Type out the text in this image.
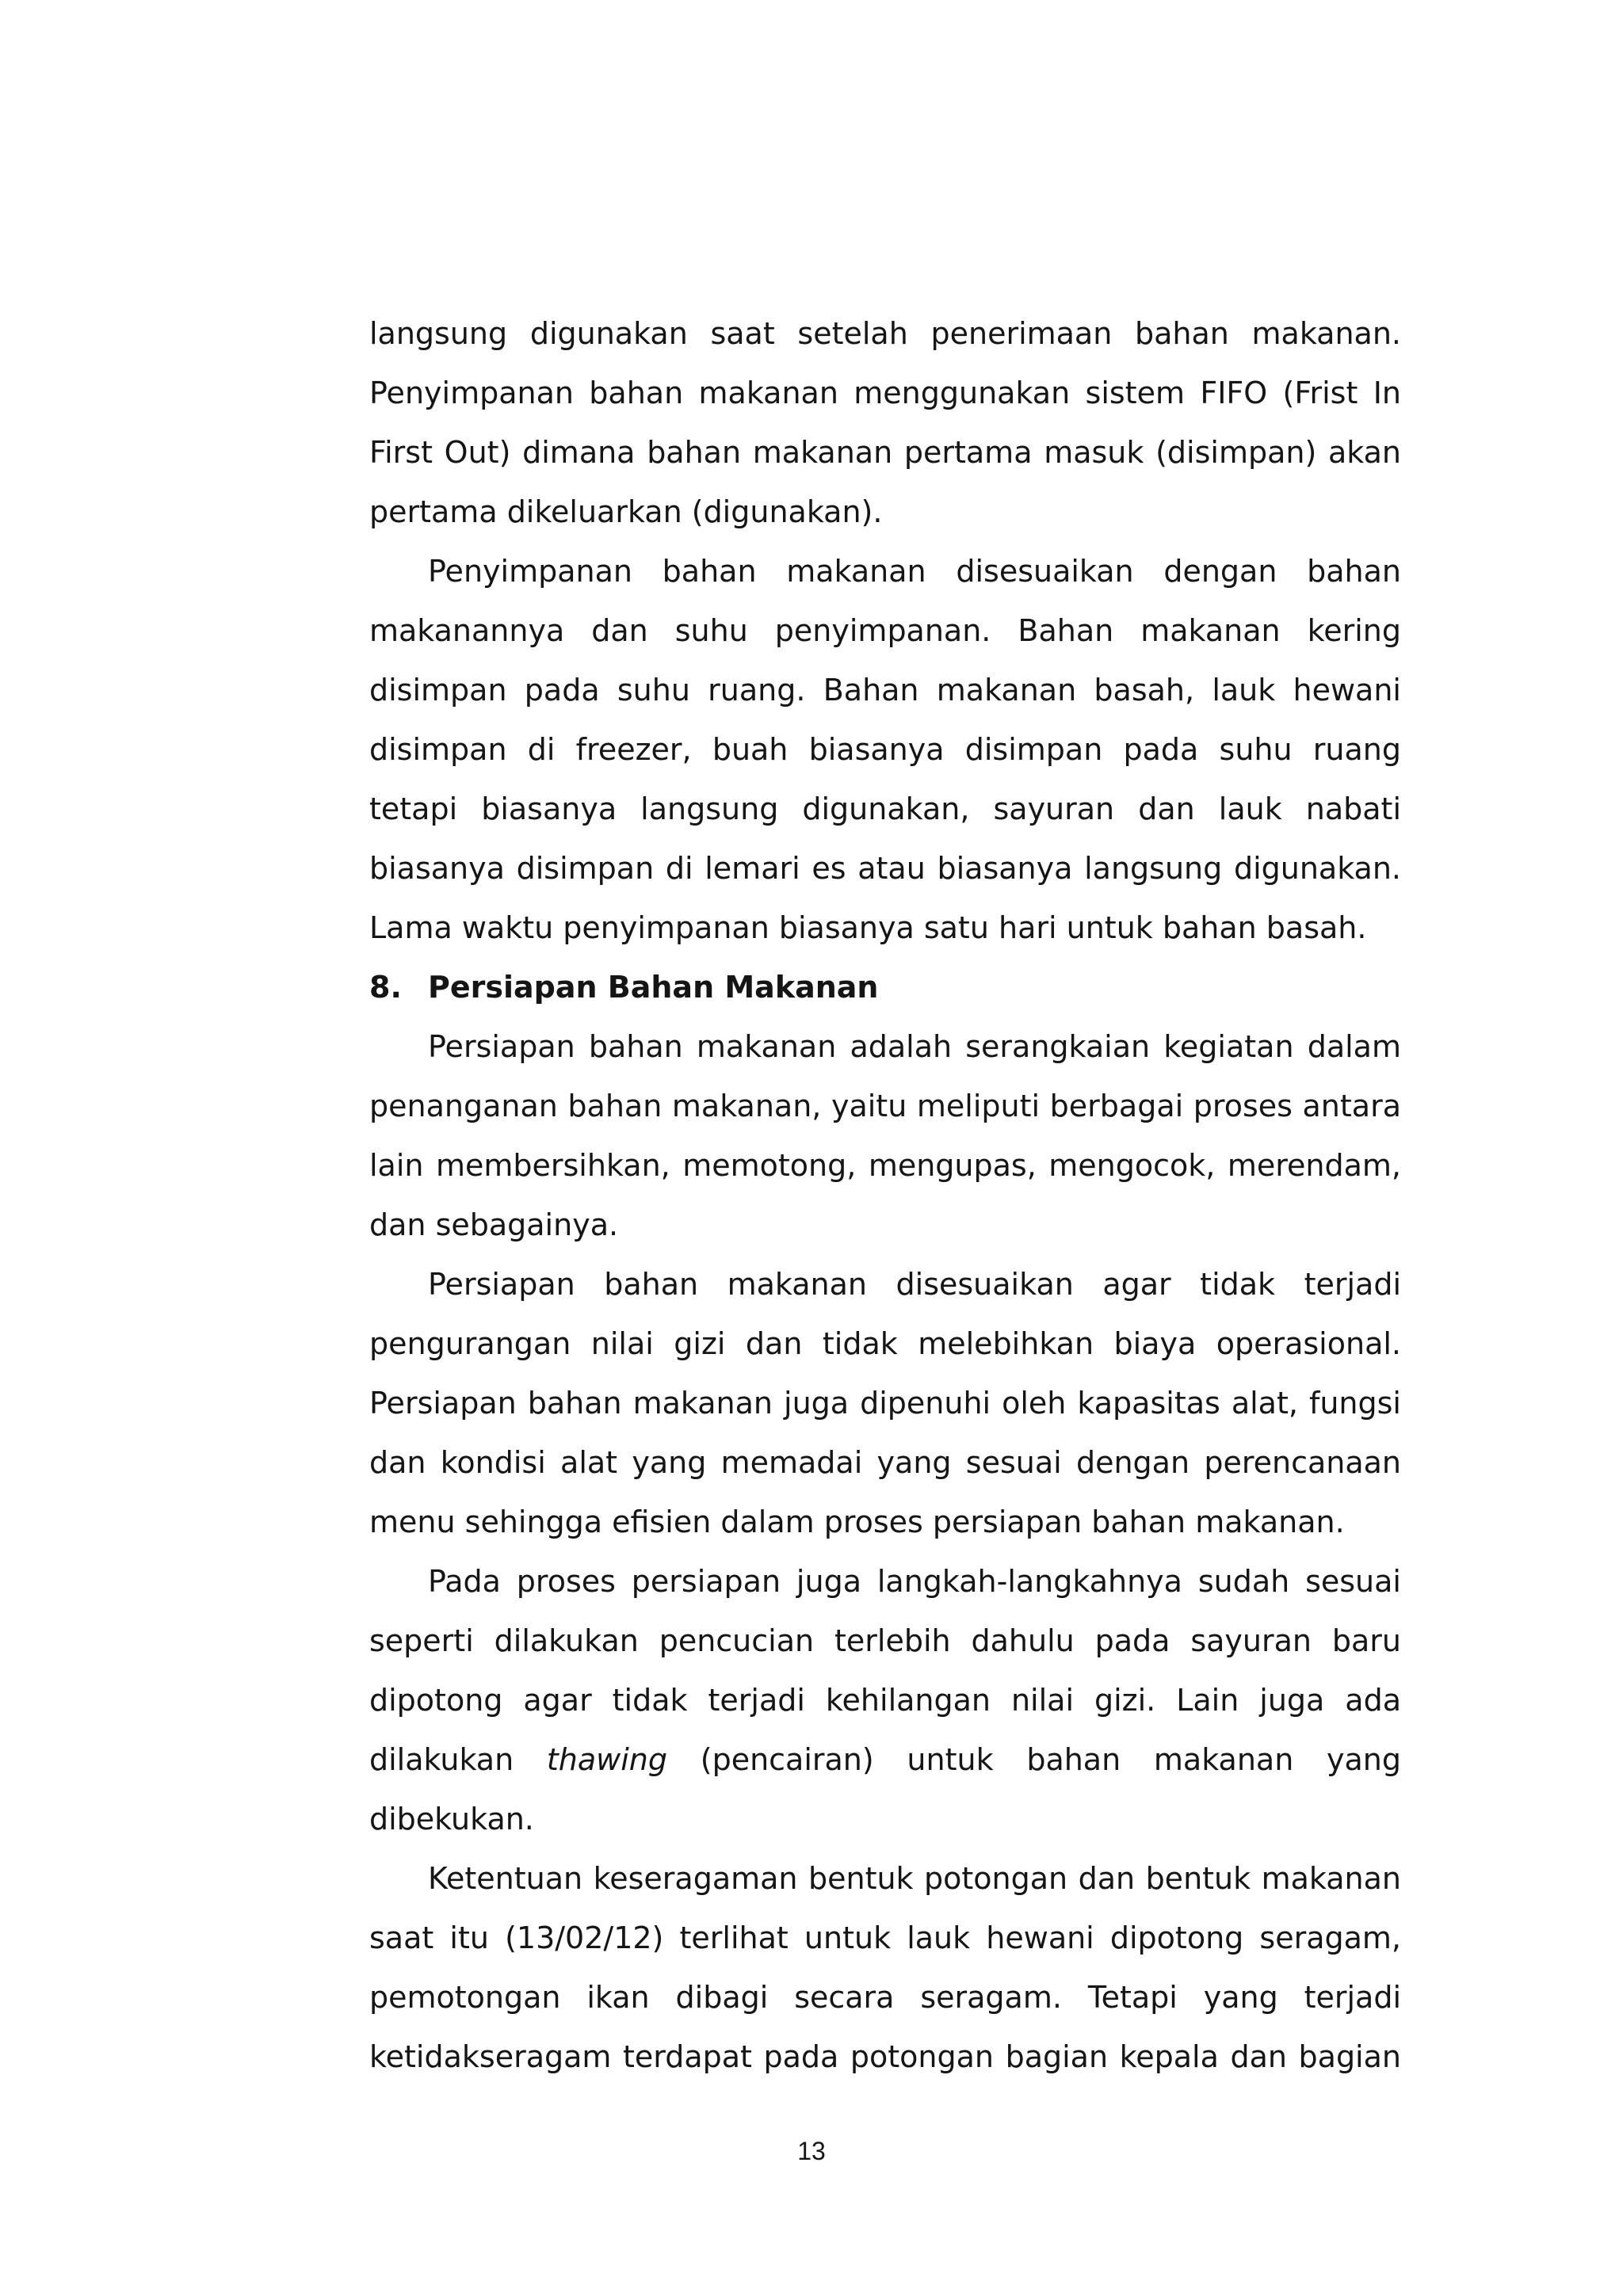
langsung digunakan saat setelah penerimaan bahan makanan. Penyimpanan bahan makanan menggunakan sistem FIFO (Frist In First Out) dimana bahan makanan pertama masuk (disimpan) akan pertama dikeluarkan (digunakan).

Penyimpanan bahan makanan disesuaikan dengan bahan makanannya dan suhu penyimpanan. Bahan makanan kering disimpan pada suhu ruang. Bahan makanan basah, lauk hewani disimpan di freezer, buah biasanya disimpan pada suhu ruang tetapi biasanya langsung digunakan, sayuran dan lauk nabati biasanya disimpan di lemari es atau biasanya langsung digunakan. Lama waktu penyimpanan biasanya satu hari untuk bahan basah.

8. Persiapan Bahan Makanan

Persiapan bahan makanan adalah serangkaian kegiatan dalam penanganan bahan makanan, yaitu meliputi berbagai proses antara lain membersihkan, memotong, mengupas, mengocok, merendam, dan sebagainya.

Persiapan bahan makanan disesuaikan agar tidak terjadi pengurangan nilai gizi dan tidak melebihkan biaya operasional. Persiapan bahan makanan juga dipenuhi oleh kapasitas alat, fungsi dan kondisi alat yang memadai yang sesuai dengan perencanaan menu sehingga efisien dalam proses persiapan bahan makanan.

Pada proses persiapan juga langkah-langkahnya sudah sesuai seperti dilakukan pencucian terlebih dahulu pada sayuran baru dipotong agar tidak terjadi kehilangan nilai gizi. Lain juga ada dilakukan thawing (pencairan) untuk bahan makanan yang dibekukan.

Ketentuan keseragaman bentuk potongan dan bentuk makanan saat itu (13/02/12) terlihat untuk lauk hewani dipotong seragam, pemotongan ikan dibagi secara seragam. Tetapi yang terjadi ketidakseragam terdapat pada potongan bagian kepala dan bagian

13
